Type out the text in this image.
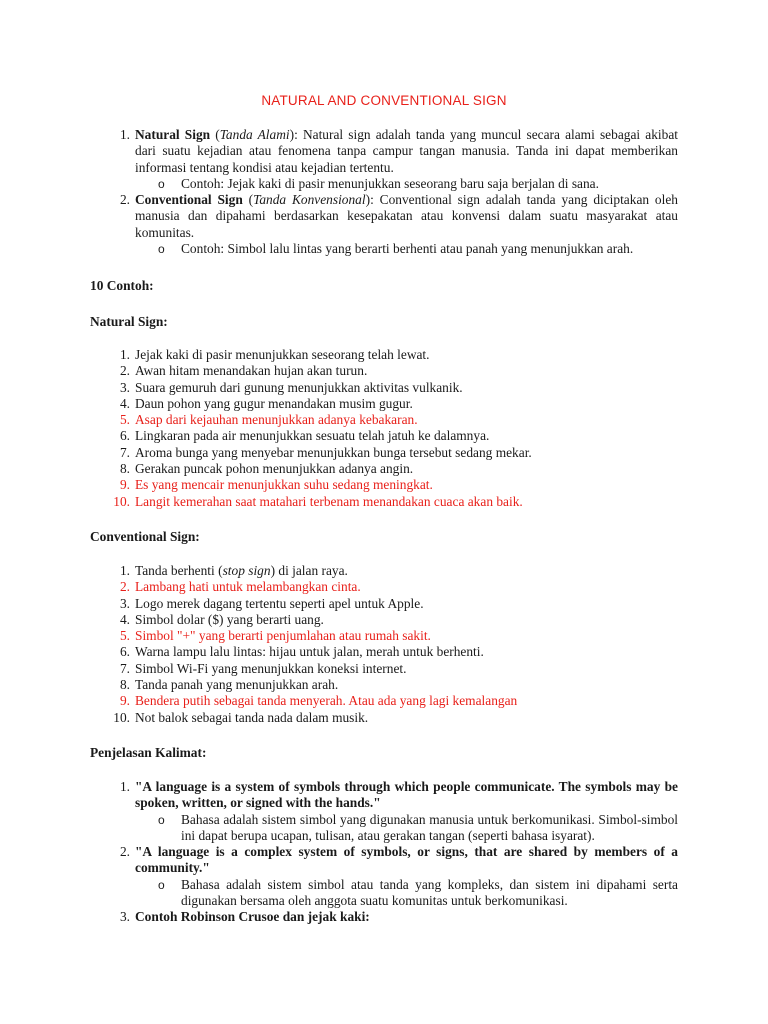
NATURAL AND CONVENTIONAL SIGN
1. Natural Sign (Tanda Alami): Natural sign adalah tanda yang muncul secara alami sebagai akibat dari suatu kejadian atau fenomena tanpa campur tangan manusia. Tanda ini dapat memberikan informasi tentang kondisi atau kejadian tertentu.
o Contoh: Jejak kaki di pasir menunjukkan seseorang baru saja berjalan di sana.
2. Conventional Sign (Tanda Konvensional): Conventional sign adalah tanda yang diciptakan oleh manusia dan dipahami berdasarkan kesepakatan atau konvensi dalam suatu masyarakat atau komunitas.
o Contoh: Simbol lalu lintas yang berarti berhenti atau panah yang menunjukkan arah.
10 Contoh:
Natural Sign:
1. Jejak kaki di pasir menunjukkan seseorang telah lewat.
2. Awan hitam menandakan hujan akan turun.
3. Suara gemuruh dari gunung menunjukkan aktivitas vulkanik.
4. Daun pohon yang gugur menandakan musim gugur.
5. Asap dari kejauhan menunjukkan adanya kebakaran.
6. Lingkaran pada air menunjukkan sesuatu telah jatuh ke dalamnya.
7. Aroma bunga yang menyebar menunjukkan bunga tersebut sedang mekar.
8. Gerakan puncak pohon menunjukkan adanya angin.
9. Es yang mencair menunjukkan suhu sedang meningkat.
10. Langit kemerahan saat matahari terbenam menandakan cuaca akan baik.
Conventional Sign:
1. Tanda berhenti (stop sign) di jalan raya.
2. Lambang hati untuk melambangkan cinta.
3. Logo merek dagang tertentu seperti apel untuk Apple.
4. Simbol dolar ($) yang berarti uang.
5. Simbol "+" yang berarti penjumlahan atau rumah sakit.
6. Warna lampu lalu lintas: hijau untuk jalan, merah untuk berhenti.
7. Simbol Wi-Fi yang menunjukkan koneksi internet.
8. Tanda panah yang menunjukkan arah.
9. Bendera putih sebagai tanda menyerah. Atau ada yang lagi kemalangan
10. Not balok sebagai tanda nada dalam musik.
Penjelasan Kalimat:
1. "A language is a system of symbols through which people communicate. The symbols may be spoken, written, or signed with the hands."
o Bahasa adalah sistem simbol yang digunakan manusia untuk berkomunikasi. Simbol-simbol ini dapat berupa ucapan, tulisan, atau gerakan tangan (seperti bahasa isyarat).
2. "A language is a complex system of symbols, or signs, that are shared by members of a community."
o Bahasa adalah sistem simbol atau tanda yang kompleks, dan sistem ini dipahami serta digunakan bersama oleh anggota suatu komunitas untuk berkomunikasi.
3. Contoh Robinson Crusoe dan jejak kaki:
